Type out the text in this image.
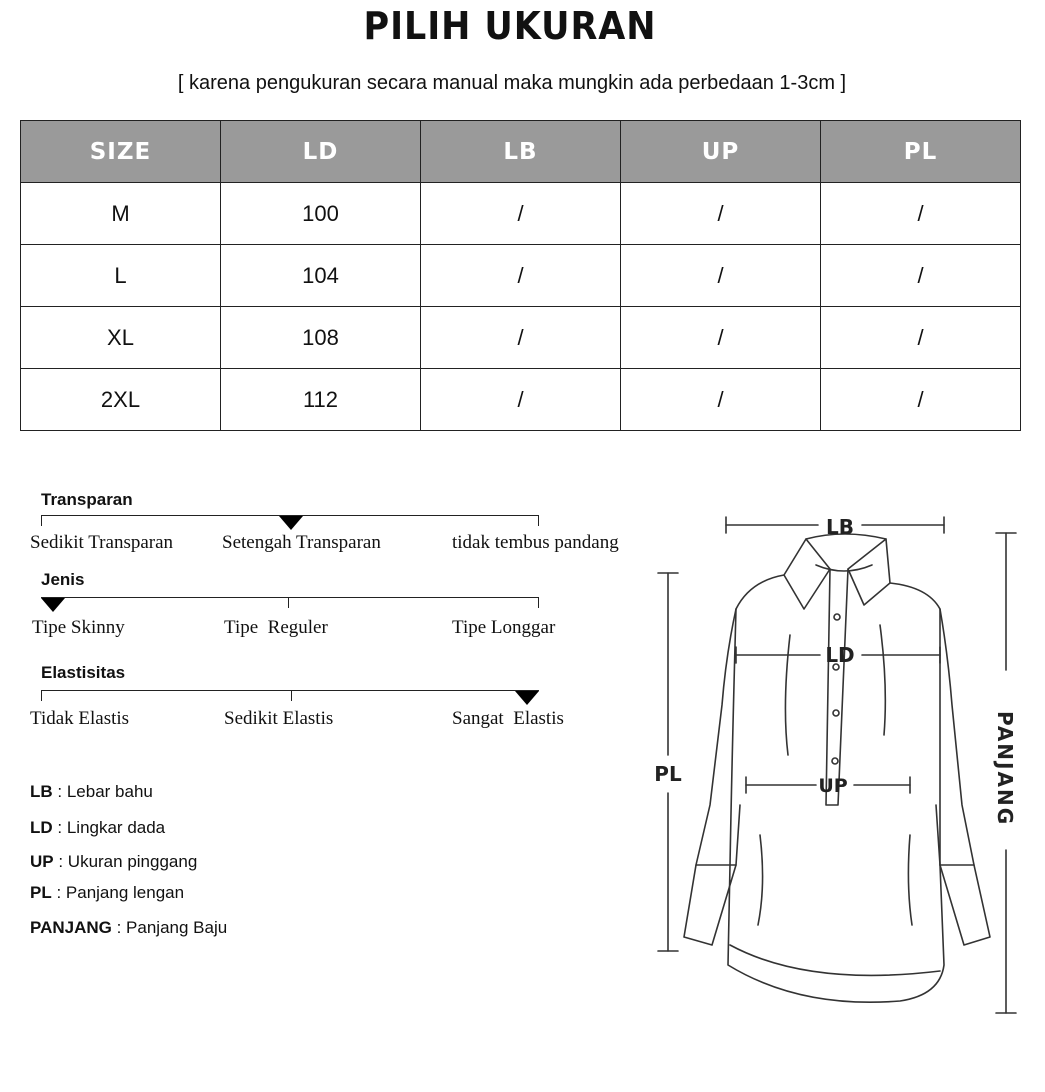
PILIH UKURAN
[ karena pengukuran secara manual maka mungkin ada perbedaan 1-3cm ]
SIZE	LD	LB	UP	PL
M	100	/	/	/
L	104	/	/	/
XL	108	/	/	/
2XL	112	/	/	/
Transparan
Sedikit Transparan	Setengah Transparan	tidak tembus pandang
Jenis
Tipe Skinny	Tipe  Reguler	Tipe Longgar
Elastisitas
Tidak Elastis	Sedikit Elastis	Sangat  Elastis
LB : Lebar bahu
LD : Lingkar dada
UP : Ukuran pinggang
PL : Panjang lengan
PANJANG : Panjang Baju
LB
LD
UP
PL	PANJANG
